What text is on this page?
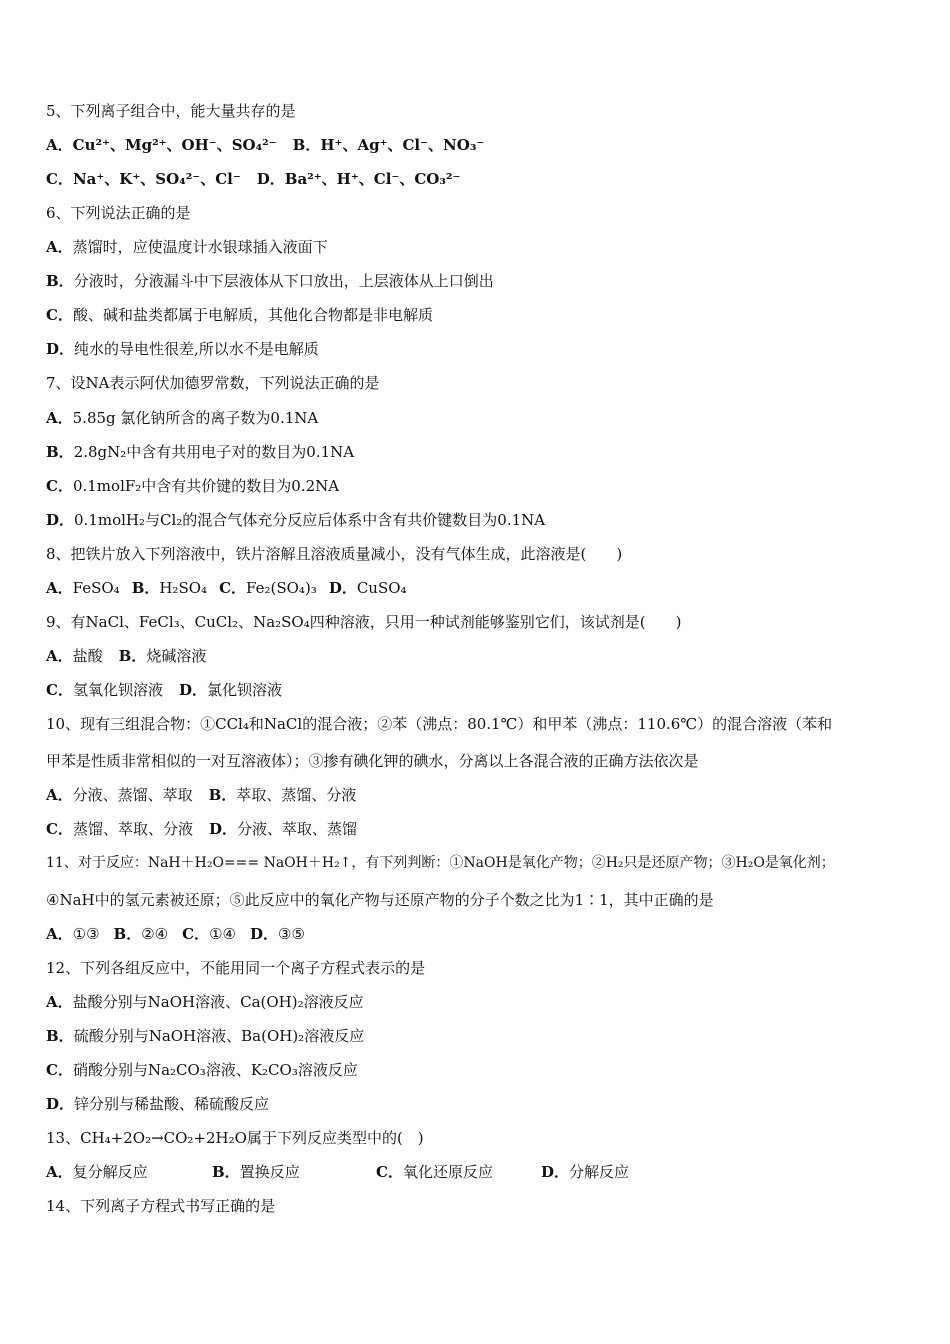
5、下列离子组合中，能大量共存的是
A．Cu²⁺、Mg²⁺、OH⁻、SO₄²⁻ B．H⁺、Ag⁺、Cl⁻、NO₃⁻
C．Na⁺、K⁺、SO₄²⁻、Cl⁻ D．Ba²⁺、H⁺、Cl⁻、CO₃²⁻
6、下列说法正确的是
A．蒸馏时，应使温度计水银球插入液面下
B．分液时，分液漏斗中下层液体从下口放出，上层液体从上口倒出
C．酸、碱和盐类都属于电解质，其他化合物都是非电解质
D．纯水的导电性很差,所以水不是电解质
7、设NA表示阿伏加德罗常数，下列说法正确的是
A．5.85g 氯化钠所含的离子数为0.1NA
B．2.8gN₂中含有共用电子对的数目为0.1NA
C．0.1molF₂中含有共价键的数目为0.2NA
D．0.1molH₂与Cl₂的混合气体充分反应后体系中含有共价键数目为0.1NA
8、把铁片放入下列溶液中，铁片溶解且溶液质量减小，没有气体生成，此溶液是(　　)
A．FeSO₄ B．H₂SO₄ C．Fe₂(SO₄)₃ D．CuSO₄
9、有NaCl、FeCl₃、CuCl₂、Na₂SO₄四种溶液，只用一种试剂能够鉴别它们，该试剂是(　　)
A．盐酸 B．烧碱溶液
C．氢氧化钡溶液 D．氯化钡溶液
10、现有三组混合物：①CCl₄和NaCl的混合液；②苯（沸点：80.1℃）和甲苯（沸点：110.6℃）的混合溶液（苯和
甲苯是性质非常相似的一对互溶液体）；③掺有碘化钾的碘水，分离以上各混合液的正确方法依次是
A．分液、蒸馏、萃取 B．萃取、蒸馏、分液
C．蒸馏、萃取、分液 D．分液、萃取、蒸馏
11、对于反应：NaH＋H₂O=== NaOH＋H₂↑，有下列判断：①NaOH是氧化产物；②H₂只是还原产物；③H₂O是氧化剂；
④NaH中的氢元素被还原；⑤此反应中的氧化产物与还原产物的分子个数之比为1∶1，其中正确的是
A．①③ B．②④ C．①④ D．③⑤
12、下列各组反应中，不能用同一个离子方程式表示的是
A．盐酸分别与NaOH溶液、Ca(OH)₂溶液反应
B．硫酸分别与NaOH溶液、Ba(OH)₂溶液反应
C．硝酸分别与Na₂CO₃溶液、K₂CO₃溶液反应
D．锌分别与稀盐酸、稀硫酸反应
13、CH₄+2O₂→CO₂+2H₂O属于下列反应类型中的(　)
A．复分解反应	B．置换反应	C．氧化还原反应	D．分解反应
14、下列离子方程式书写正确的是
